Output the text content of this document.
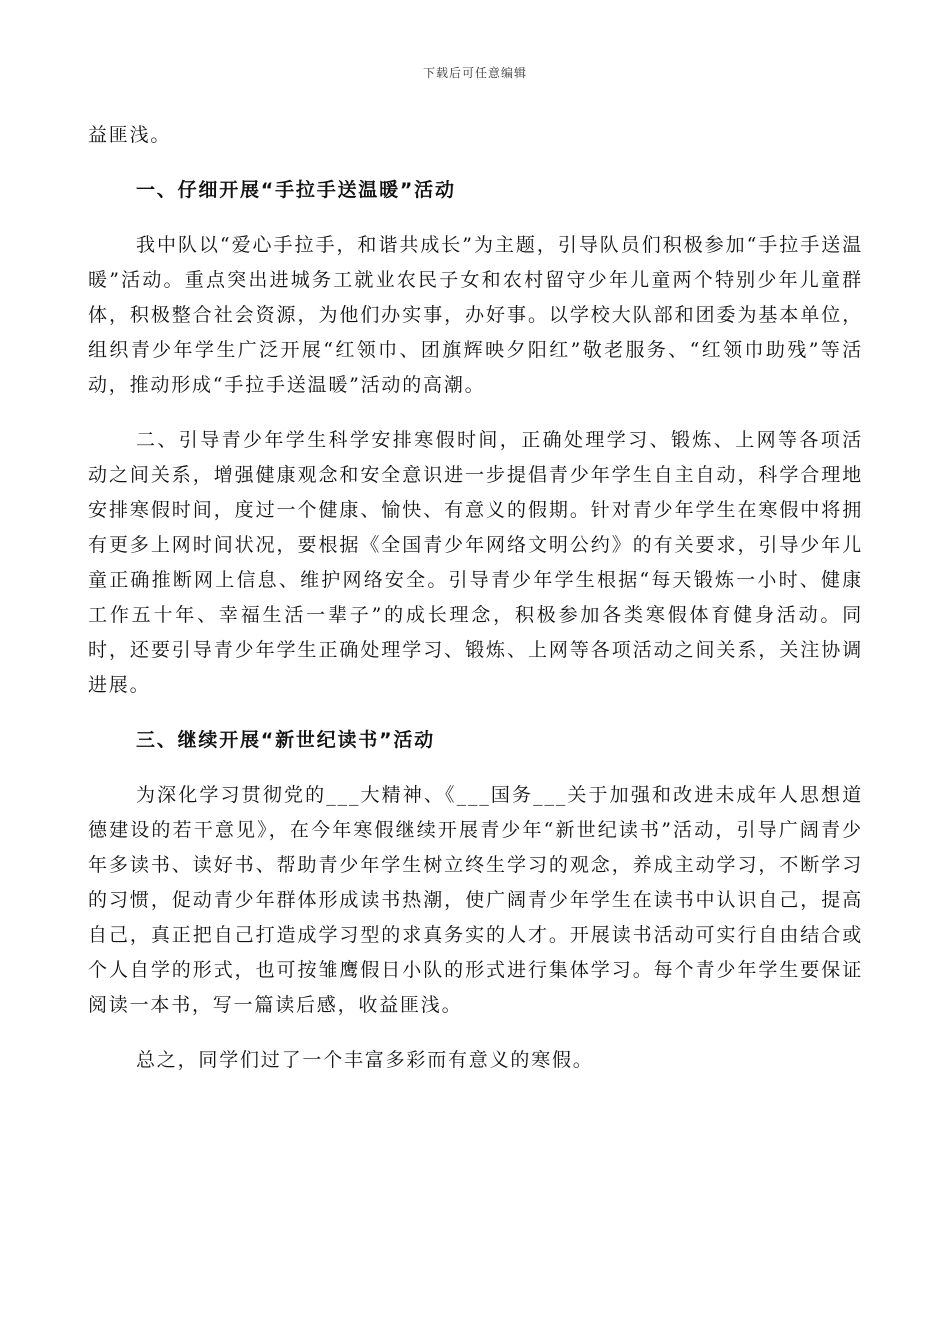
下载后可任意编辑

益匪浅。

一、仔细开展“手拉手送温暖”活动

我中队以“爱心手拉手，和谐共成长”为主题，引导队员们积极参加“手拉手送温暖”活动。重点突出进城务工就业农民子女和农村留守少年儿童两个特别少年儿童群体，积极整合社会资源，为他们办实事，办好事。以学校大队部和团委为基本单位，组织青少年学生广泛开展“红领巾、团旗辉映夕阳红”敬老服务、“红领巾助残”等活动，推动形成“手拉手送温暖”活动的高潮。

二、引导青少年学生科学安排寒假时间，正确处理学习、锻炼、上网等各项活动之间关系，增强健康观念和安全意识进一步提倡青少年学生自主自动，科学合理地安排寒假时间，度过一个健康、愉快、有意义的假期。针对青少年学生在寒假中将拥有更多上网时间状况，要根据《全国青少年网络文明公约》的有关要求，引导少年儿童正确推断网上信息、维护网络安全。引导青少年学生根据“每天锻炼一小时、健康工作五十年、幸福生活一辈子”的成长理念，积极参加各类寒假体育健身活动。同时，还要引导青少年学生正确处理学习、锻炼、上网等各项活动之间关系，关注协调进展。

三、继续开展“新世纪读书”活动

为深化学习贯彻党的___大精神、《___国务___关于加强和改进未成年人思想道德建设的若干意见》，在今年寒假继续开展青少年“新世纪读书”活动，引导广阔青少年多读书、读好书、帮助青少年学生树立终生学习的观念，养成主动学习，不断学习的习惯，促动青少年群体形成读书热潮，使广阔青少年学生在读书中认识自己，提高自己，真正把自己打造成学习型的求真务实的人才。开展读书活动可实行自由结合或个人自学的形式，也可按雏鹰假日小队的形式进行集体学习。每个青少年学生要保证阅读一本书，写一篇读后感，收益匪浅。

总之，同学们过了一个丰富多彩而有意义的寒假。
